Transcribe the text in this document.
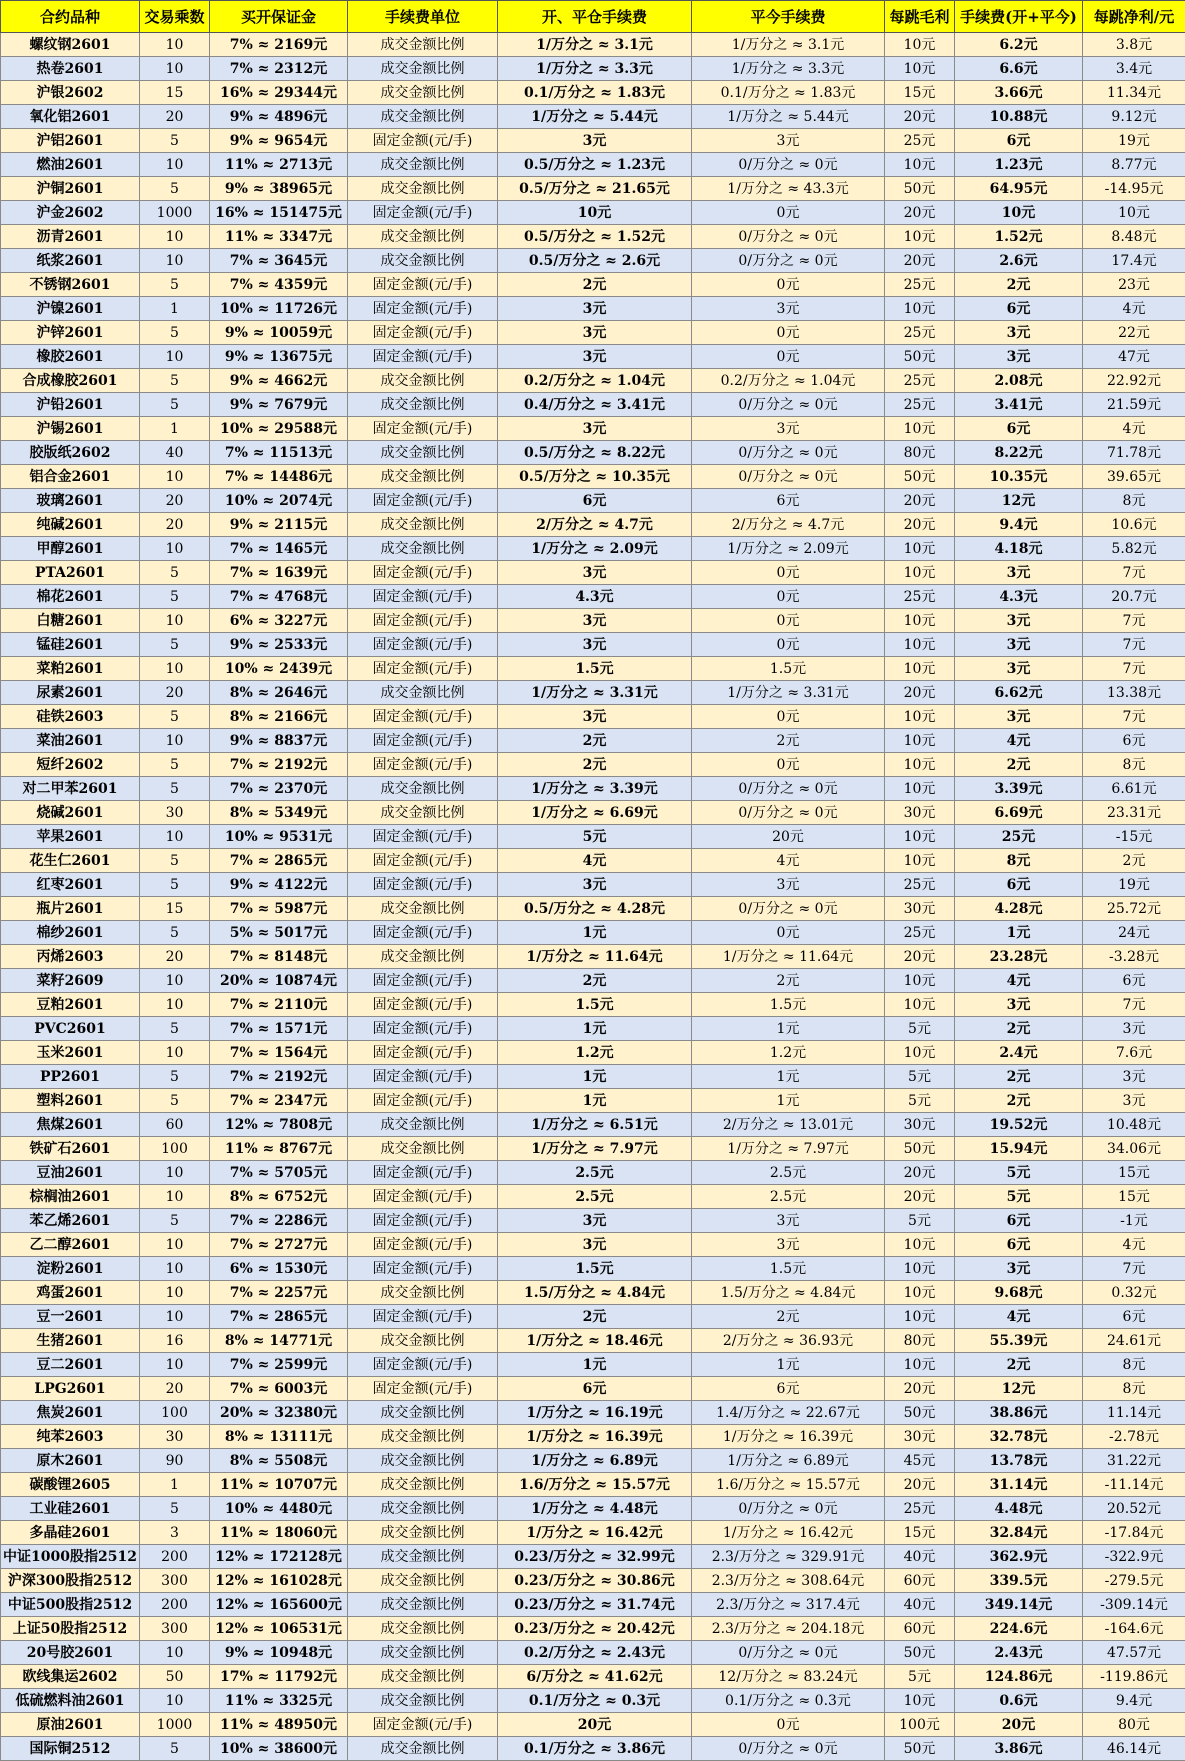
合约品种	交易乘数	买开保证金	手续费单位	开、平仓手续费	平今手续费	每跳毛利	手续费(开+平今)	每跳净利/元
螺纹钢2601	10	7% ≈ 2169元	成交金额比例	1/万分之 ≈ 3.1元	1/万分之 ≈ 3.1元	10元	6.2元	3.8元
热卷2601	10	7% ≈ 2312元	成交金额比例	1/万分之 ≈ 3.3元	1/万分之 ≈ 3.3元	10元	6.6元	3.4元
沪银2602	15	16% ≈ 29344元	成交金额比例	0.1/万分之 ≈ 1.83元	0.1/万分之 ≈ 1.83元	15元	3.66元	11.34元
氧化铝2601	20	9% ≈ 4896元	成交金额比例	1/万分之 ≈ 5.44元	1/万分之 ≈ 5.44元	20元	10.88元	9.12元
沪铝2601	5	9% ≈ 9654元	固定金额(元/手)	3元	3元	25元	6元	19元
燃油2601	10	11% ≈ 2713元	成交金额比例	0.5/万分之 ≈ 1.23元	0/万分之 ≈ 0元	10元	1.23元	8.77元
沪铜2601	5	9% ≈ 38965元	成交金额比例	0.5/万分之 ≈ 21.65元	1/万分之 ≈ 43.3元	50元	64.95元	-14.95元
沪金2602	1000	16% ≈ 151475元	固定金额(元/手)	10元	0元	20元	10元	10元
沥青2601	10	11% ≈ 3347元	成交金额比例	0.5/万分之 ≈ 1.52元	0/万分之 ≈ 0元	10元	1.52元	8.48元
纸浆2601	10	7% ≈ 3645元	成交金额比例	0.5/万分之 ≈ 2.6元	0/万分之 ≈ 0元	20元	2.6元	17.4元
不锈钢2601	5	7% ≈ 4359元	固定金额(元/手)	2元	0元	25元	2元	23元
沪镍2601	1	10% ≈ 11726元	固定金额(元/手)	3元	3元	10元	6元	4元
沪锌2601	5	9% ≈ 10059元	固定金额(元/手)	3元	0元	25元	3元	22元
橡胶2601	10	9% ≈ 13675元	固定金额(元/手)	3元	0元	50元	3元	47元
合成橡胶2601	5	9% ≈ 4662元	成交金额比例	0.2/万分之 ≈ 1.04元	0.2/万分之 ≈ 1.04元	25元	2.08元	22.92元
沪铅2601	5	9% ≈ 7679元	成交金额比例	0.4/万分之 ≈ 3.41元	0/万分之 ≈ 0元	25元	3.41元	21.59元
沪锡2601	1	10% ≈ 29588元	固定金额(元/手)	3元	3元	10元	6元	4元
胶版纸2602	40	7% ≈ 11513元	成交金额比例	0.5/万分之 ≈ 8.22元	0/万分之 ≈ 0元	80元	8.22元	71.78元
铝合金2601	10	7% ≈ 14486元	成交金额比例	0.5/万分之 ≈ 10.35元	0/万分之 ≈ 0元	50元	10.35元	39.65元
玻璃2601	20	10% ≈ 2074元	固定金额(元/手)	6元	6元	20元	12元	8元
纯碱2601	20	9% ≈ 2115元	成交金额比例	2/万分之 ≈ 4.7元	2/万分之 ≈ 4.7元	20元	9.4元	10.6元
甲醇2601	10	7% ≈ 1465元	成交金额比例	1/万分之 ≈ 2.09元	1/万分之 ≈ 2.09元	10元	4.18元	5.82元
PTA2601	5	7% ≈ 1639元	固定金额(元/手)	3元	0元	10元	3元	7元
棉花2601	5	7% ≈ 4768元	固定金额(元/手)	4.3元	0元	25元	4.3元	20.7元
白糖2601	10	6% ≈ 3227元	固定金额(元/手)	3元	0元	10元	3元	7元
锰硅2601	5	9% ≈ 2533元	固定金额(元/手)	3元	0元	10元	3元	7元
菜粕2601	10	10% ≈ 2439元	固定金额(元/手)	1.5元	1.5元	10元	3元	7元
尿素2601	20	8% ≈ 2646元	成交金额比例	1/万分之 ≈ 3.31元	1/万分之 ≈ 3.31元	20元	6.62元	13.38元
硅铁2603	5	8% ≈ 2166元	固定金额(元/手)	3元	0元	10元	3元	7元
菜油2601	10	9% ≈ 8837元	固定金额(元/手)	2元	2元	10元	4元	6元
短纤2602	5	7% ≈ 2192元	固定金额(元/手)	2元	0元	10元	2元	8元
对二甲苯2601	5	7% ≈ 2370元	成交金额比例	1/万分之 ≈ 3.39元	0/万分之 ≈ 0元	10元	3.39元	6.61元
烧碱2601	30	8% ≈ 5349元	成交金额比例	1/万分之 ≈ 6.69元	0/万分之 ≈ 0元	30元	6.69元	23.31元
苹果2601	10	10% ≈ 9531元	固定金额(元/手)	5元	20元	10元	25元	-15元
花生仁2601	5	7% ≈ 2865元	固定金额(元/手)	4元	4元	10元	8元	2元
红枣2601	5	9% ≈ 4122元	固定金额(元/手)	3元	3元	25元	6元	19元
瓶片2601	15	7% ≈ 5987元	成交金额比例	0.5/万分之 ≈ 4.28元	0/万分之 ≈ 0元	30元	4.28元	25.72元
棉纱2601	5	5% ≈ 5017元	固定金额(元/手)	1元	0元	25元	1元	24元
丙烯2603	20	7% ≈ 8148元	成交金额比例	1/万分之 ≈ 11.64元	1/万分之 ≈ 11.64元	20元	23.28元	-3.28元
菜籽2609	10	20% ≈ 10874元	固定金额(元/手)	2元	2元	10元	4元	6元
豆粕2601	10	7% ≈ 2110元	固定金额(元/手)	1.5元	1.5元	10元	3元	7元
PVC2601	5	7% ≈ 1571元	固定金额(元/手)	1元	1元	5元	2元	3元
玉米2601	10	7% ≈ 1564元	固定金额(元/手)	1.2元	1.2元	10元	2.4元	7.6元
PP2601	5	7% ≈ 2192元	固定金额(元/手)	1元	1元	5元	2元	3元
塑料2601	5	7% ≈ 2347元	固定金额(元/手)	1元	1元	5元	2元	3元
焦煤2601	60	12% ≈ 7808元	成交金额比例	1/万分之 ≈ 6.51元	2/万分之 ≈ 13.01元	30元	19.52元	10.48元
铁矿石2601	100	11% ≈ 8767元	成交金额比例	1/万分之 ≈ 7.97元	1/万分之 ≈ 7.97元	50元	15.94元	34.06元
豆油2601	10	7% ≈ 5705元	固定金额(元/手)	2.5元	2.5元	20元	5元	15元
棕榈油2601	10	8% ≈ 6752元	固定金额(元/手)	2.5元	2.5元	20元	5元	15元
苯乙烯2601	5	7% ≈ 2286元	固定金额(元/手)	3元	3元	5元	6元	-1元
乙二醇2601	10	7% ≈ 2727元	固定金额(元/手)	3元	3元	10元	6元	4元
淀粉2601	10	6% ≈ 1530元	固定金额(元/手)	1.5元	1.5元	10元	3元	7元
鸡蛋2601	10	7% ≈ 2257元	成交金额比例	1.5/万分之 ≈ 4.84元	1.5/万分之 ≈ 4.84元	10元	9.68元	0.32元
豆一2601	10	7% ≈ 2865元	固定金额(元/手)	2元	2元	10元	4元	6元
生猪2601	16	8% ≈ 14771元	成交金额比例	1/万分之 ≈ 18.46元	2/万分之 ≈ 36.93元	80元	55.39元	24.61元
豆二2601	10	7% ≈ 2599元	固定金额(元/手)	1元	1元	10元	2元	8元
LPG2601	20	7% ≈ 6003元	固定金额(元/手)	6元	6元	20元	12元	8元
焦炭2601	100	20% ≈ 32380元	成交金额比例	1/万分之 ≈ 16.19元	1.4/万分之 ≈ 22.67元	50元	38.86元	11.14元
纯苯2603	30	8% ≈ 13111元	成交金额比例	1/万分之 ≈ 16.39元	1/万分之 ≈ 16.39元	30元	32.78元	-2.78元
原木2601	90	8% ≈ 5508元	成交金额比例	1/万分之 ≈ 6.89元	1/万分之 ≈ 6.89元	45元	13.78元	31.22元
碳酸锂2605	1	11% ≈ 10707元	成交金额比例	1.6/万分之 ≈ 15.57元	1.6/万分之 ≈ 15.57元	20元	31.14元	-11.14元
工业硅2601	5	10% ≈ 4480元	成交金额比例	1/万分之 ≈ 4.48元	0/万分之 ≈ 0元	25元	4.48元	20.52元
多晶硅2601	3	11% ≈ 18060元	成交金额比例	1/万分之 ≈ 16.42元	1/万分之 ≈ 16.42元	15元	32.84元	-17.84元
中证1000股指2512	200	12% ≈ 172128元	成交金额比例	0.23/万分之 ≈ 32.99元	2.3/万分之 ≈ 329.91元	40元	362.9元	-322.9元
沪深300股指2512	300	12% ≈ 161028元	成交金额比例	0.23/万分之 ≈ 30.86元	2.3/万分之 ≈ 308.64元	60元	339.5元	-279.5元
中证500股指2512	200	12% ≈ 165600元	成交金额比例	0.23/万分之 ≈ 31.74元	2.3/万分之 ≈ 317.4元	40元	349.14元	-309.14元
上证50股指2512	300	12% ≈ 106531元	成交金额比例	0.23/万分之 ≈ 20.42元	2.3/万分之 ≈ 204.18元	60元	224.6元	-164.6元
20号胶2601	10	9% ≈ 10948元	成交金额比例	0.2/万分之 ≈ 2.43元	0/万分之 ≈ 0元	50元	2.43元	47.57元
欧线集运2602	50	17% ≈ 11792元	成交金额比例	6/万分之 ≈ 41.62元	12/万分之 ≈ 83.24元	5元	124.86元	-119.86元
低硫燃料油2601	10	11% ≈ 3325元	成交金额比例	0.1/万分之 ≈ 0.3元	0.1/万分之 ≈ 0.3元	10元	0.6元	9.4元
原油2601	1000	11% ≈ 48950元	固定金额(元/手)	20元	0元	100元	20元	80元
国际铜2512	5	10% ≈ 38600元	成交金额比例	0.1/万分之 ≈ 3.86元	0/万分之 ≈ 0元	50元	3.86元	46.14元
